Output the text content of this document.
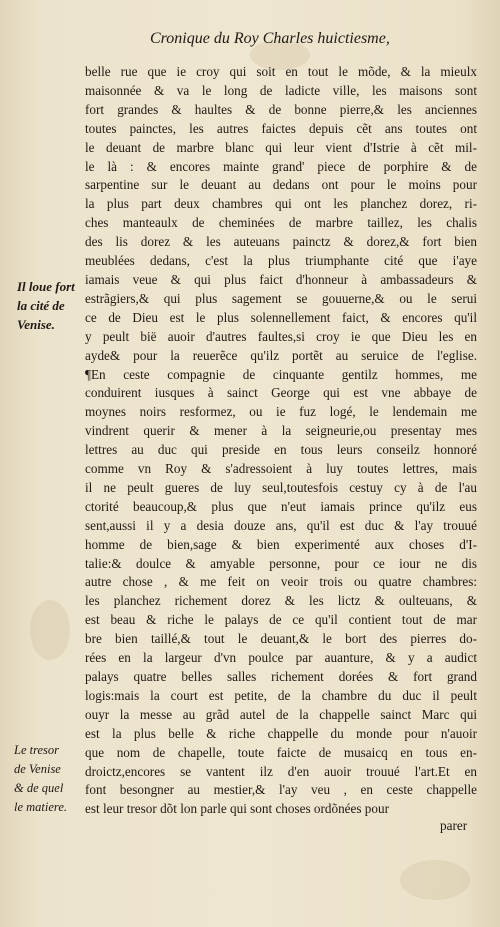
Cronique du Roy Charles huictiesme,
belle rue que ie croy qui soit en tout le mõde, & la mieulx
maisonnée & va le long de ladicte ville, les maisons sont
fort grandes & haultes & de bonne pierre,& les anciennes
toutes painctes, les autres faictes depuis cẽt ans toutes ont
le deuant de marbre blanc qui leur vient d'Istrie à cẽt mil-
le là : & encores mainte grand' piece de porphire & de
sarpentine sur le deuant au dedans ont pour le moins pour
la plus part deux chambres qui ont les planchez dorez, ri-
ches manteaulx de cheminées de marbre taillez, les chalis
des lis dorez & les auteuans painctz & dorez,& fort bien
meublées dedans, c'est la plus triumphante cité que i'aye
iamais veue & qui plus faict d'honneur à ambassadeurs &
estrãgiers,& qui plus sagement se gouuerne,& ou le serui
ce de Dieu est le plus solennellement faict, & encores qu'il
y peult bië auoir d'autres faultes,si croy ie que Dieu les en
ayde& pour la reuerẽce qu'ilz portẽt au seruice de l'eglise.
¶En ceste compagnie de cinquante gentilz hommes, me
conduirent iusques à sainct George qui est vne abbaye de
moynes noirs resformez, ou ie fuz logé, le lendemain me
vindrent querir & mener à la seigneurie,ou presentay mes
lettres au duc qui preside en tous leurs conseilz honnoré
comme vn Roy & s'adressoient à luy toutes lettres, mais
il ne peult gueres de luy seul,toutesfois cestuy cy à de l'au
ctorité beaucoup,& plus que n'eut iamais prince qu'ilz eus
sent,aussi il y a desia douze ans, qu'il est duc & l'ay trouué
homme de bien,sage & bien experimenté aux choses d'I-
talie:& doulce & amyable personne, pour ce iour ne dis
autre chose , & me feit on veoir trois ou quatre chambres:
les planchez richement dorez & les lictz & oulteuans, &
est beau & riche le palays de ce qu'il contient tout de mar
bre bien taillé,& tout le deuant,& le bort des pierres do-
rées en la largeur d'vn poulce par auanture, & y a audict
palays quatre belles salles richement dorées & fort grand
logis:mais la court est petite, de la chambre du duc il peult
ouyr la messe au grãd autel de la chappelle sainct Marc qui
est la plus belle & riche chappelle du monde pour n'auoir
que nom de chapelle, toute faicte de musaicq en tous en-
droictz,encores se vantent ilz d'en auoir trouué l'art.Et en
font besongner au mestier,& l'ay veu , en ceste chappelle
est leur tresor dõt lon parle qui sont choses ordõnées pour
Il loue fort
la cité de
Venise.
Le tresor
de Venise
& de quel
le matiere.
parer
